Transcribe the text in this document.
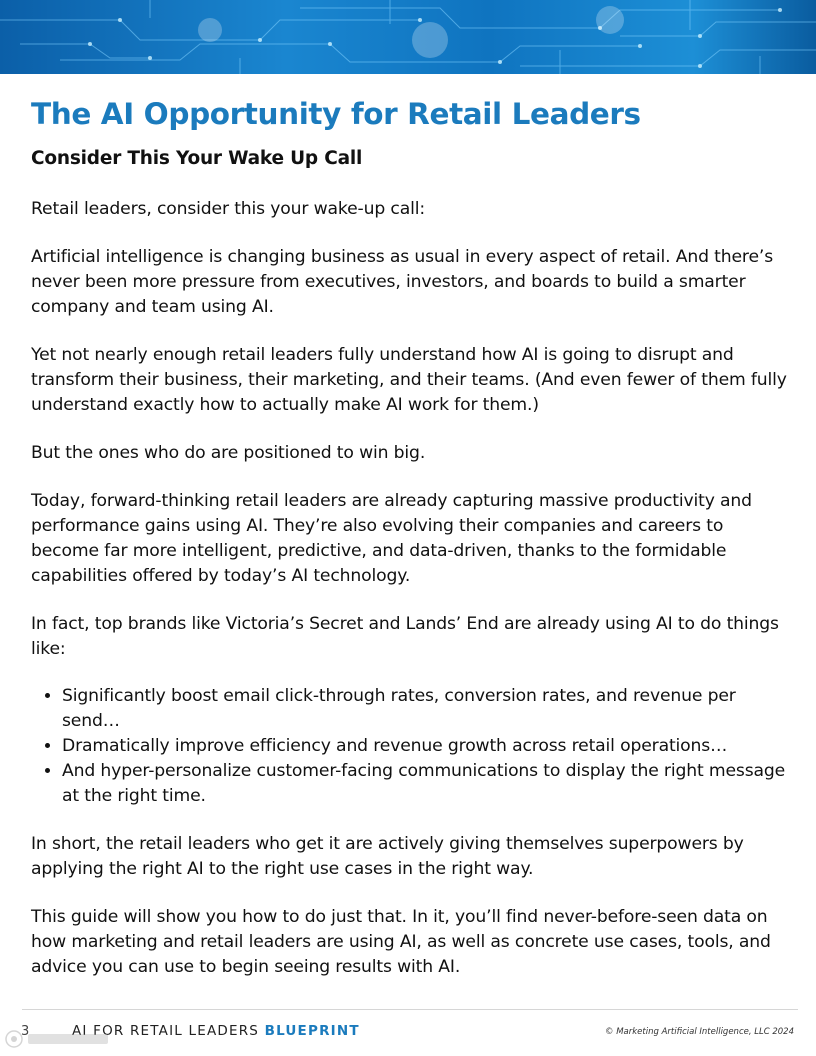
The AI Opportunity for Retail Leaders
Consider This Your Wake Up Call

Retail leaders, consider this your wake-up call:

Artificial intelligence is changing business as usual in every aspect of retail. And there’s never been more pressure from executives, investors, and boards to build a smarter company and team using AI.

Yet not nearly enough retail leaders fully understand how AI is going to disrupt and transform their business, their marketing, and their teams. (And even fewer of them fully understand exactly how to actually make AI work for them.)

But the ones who do are positioned to win big.

Today, forward-thinking retail leaders are already capturing massive productivity and performance gains using AI. They’re also evolving their companies and careers to become far more intelligent, predictive, and data-driven, thanks to the formidable capabilities offered by today’s AI technology.

In fact, top brands like Victoria’s Secret and Lands’ End are already using AI to do things like:

• Significantly boost email click-through rates, conversion rates, and revenue per send…
• Dramatically improve efficiency and revenue growth across retail operations…
• And hyper-personalize customer-facing communications to display the right message at the right time.

In short, the retail leaders who get it are actively giving themselves superpowers by applying the right AI to the right use cases in the right way.

This guide will show you how to do just that. In it, you’ll find never-before-seen data on how marketing and retail leaders are using AI, as well as concrete use cases, tools, and advice you can use to begin seeing results with AI.

3	AI FOR RETAIL LEADERS BLUEPRINT	© Marketing Artificial Intelligence, LLC 2024
